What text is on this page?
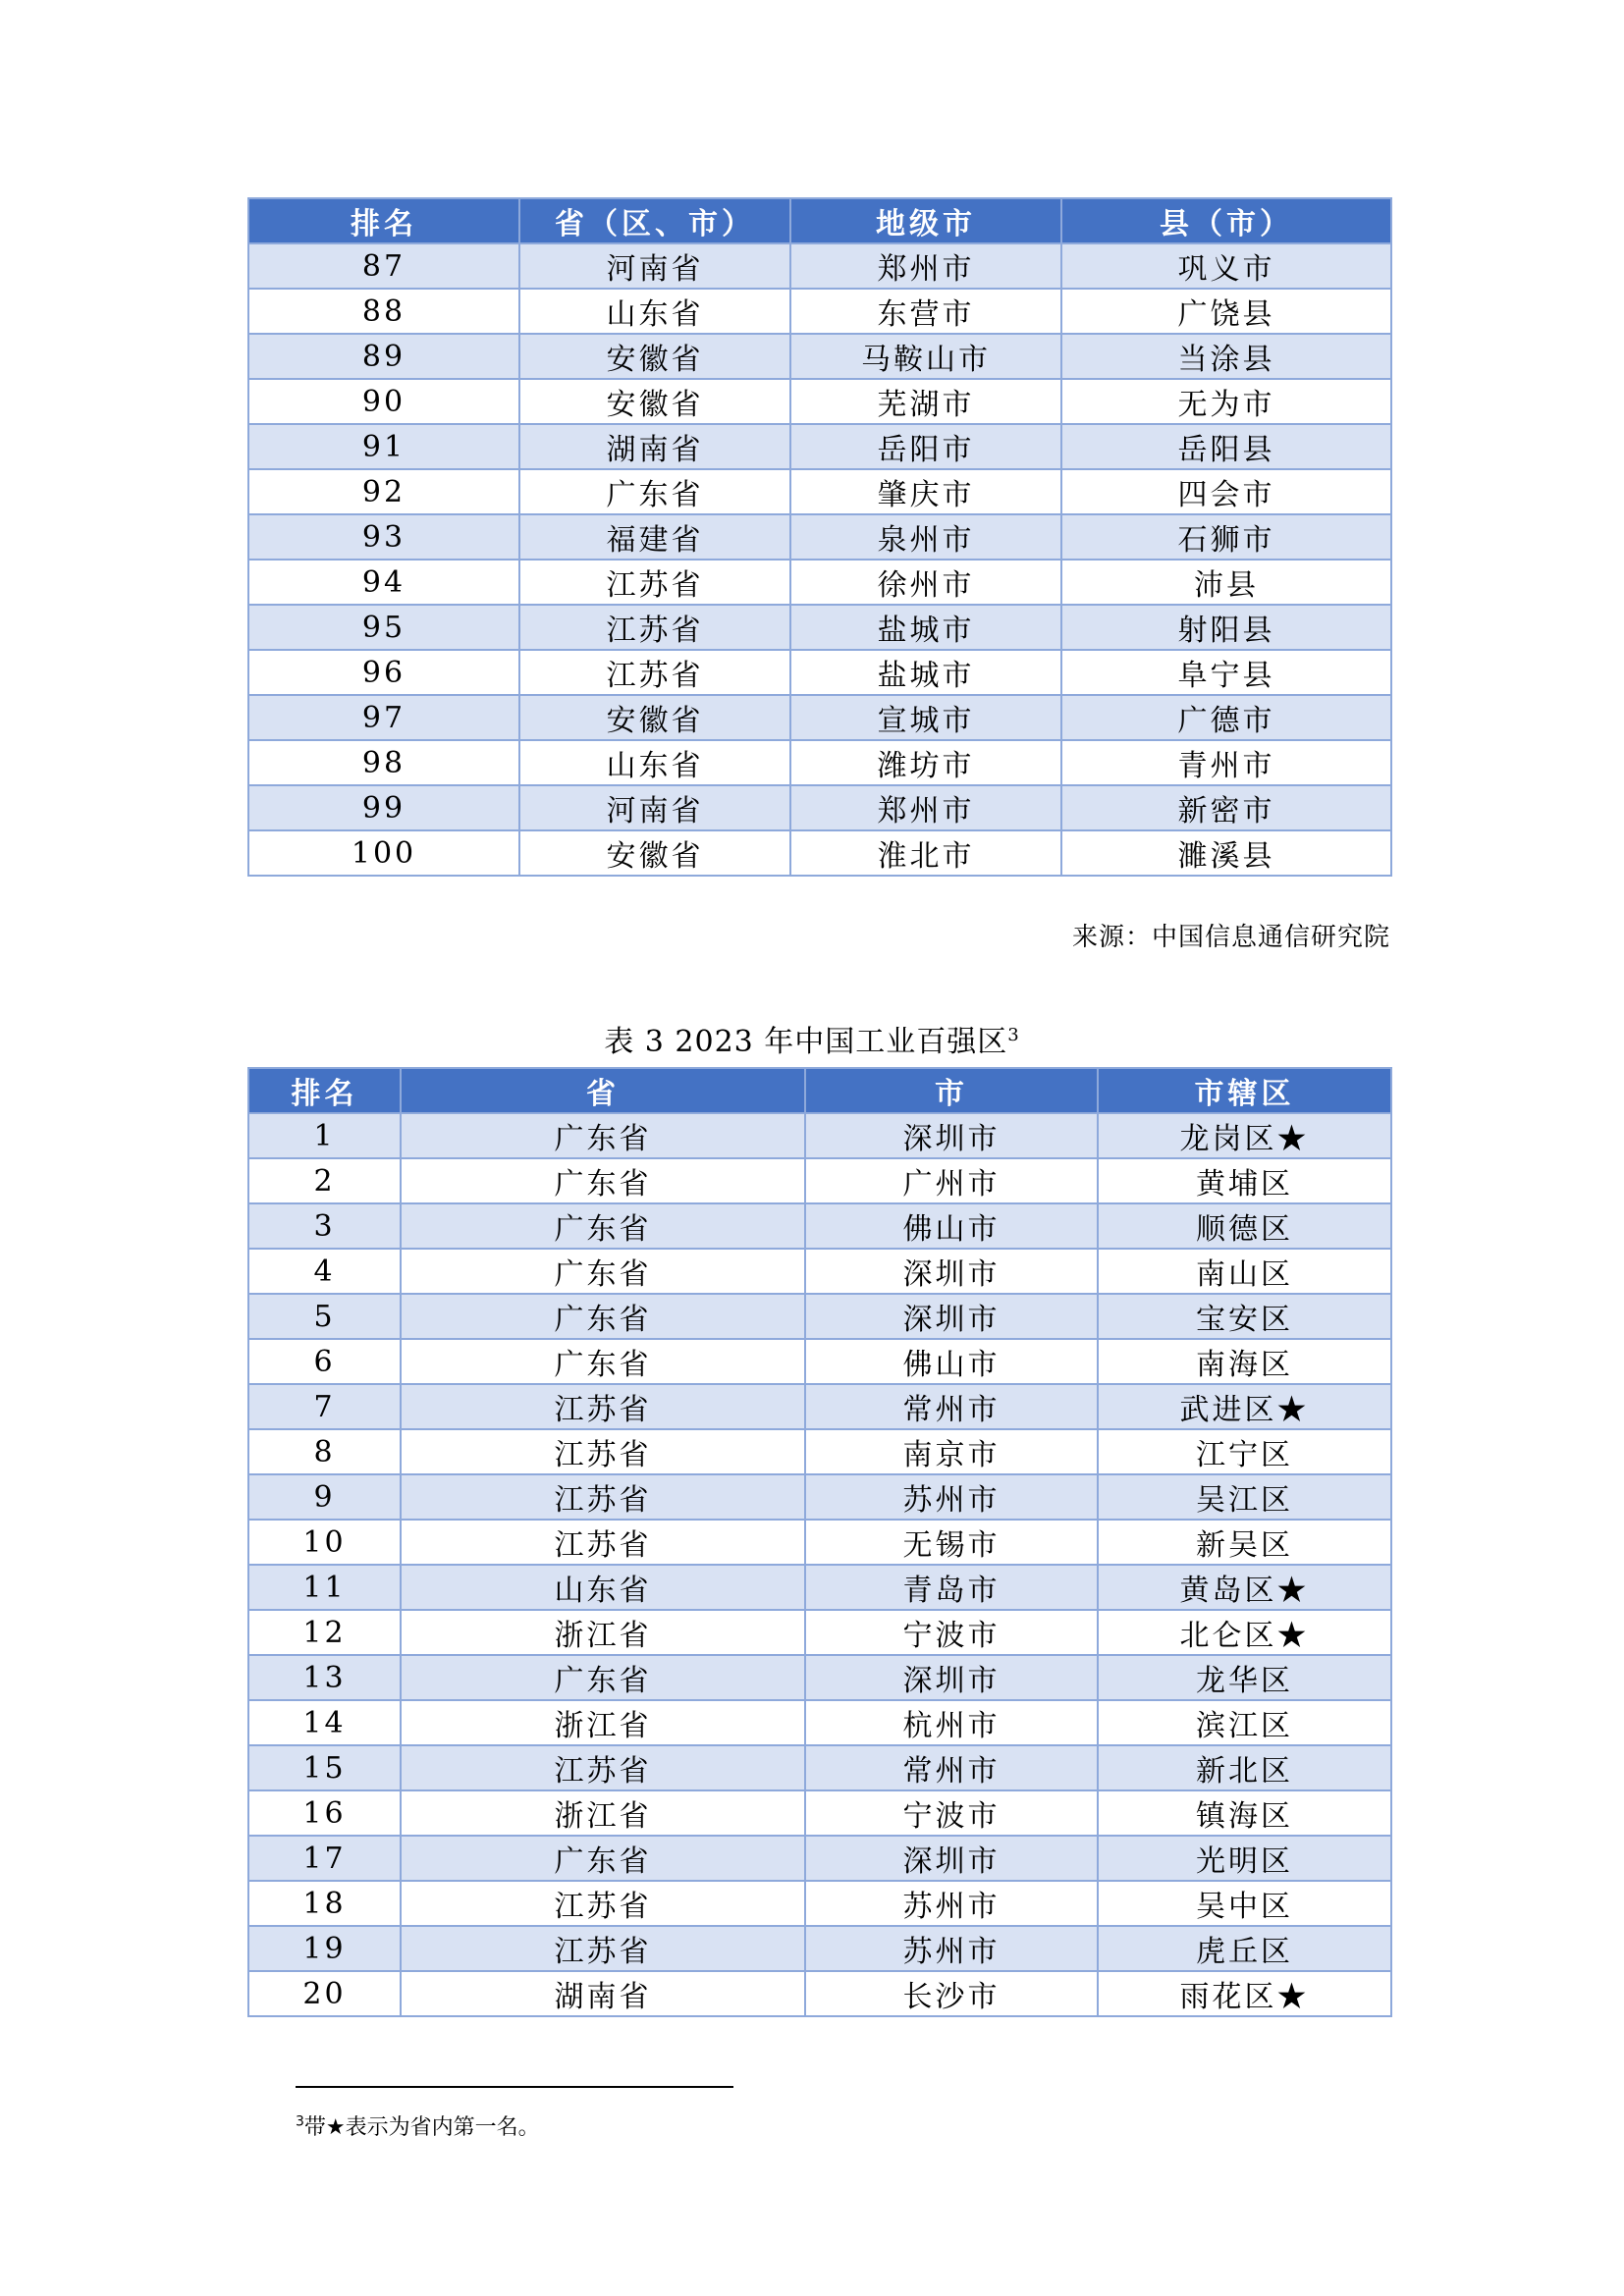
排名	省（区、市）	地级市	县（市）
87	河南省	郑州市	巩义市
88	山东省	东营市	广饶县
89	安徽省	马鞍山市	当涂县
90	安徽省	芜湖市	无为市
91	湖南省	岳阳市	岳阳县
92	广东省	肇庆市	四会市
93	福建省	泉州市	石狮市
94	江苏省	徐州市	沛县
95	江苏省	盐城市	射阳县
96	江苏省	盐城市	阜宁县
97	安徽省	宣城市	广德市
98	山东省	潍坊市	青州市
99	河南省	郑州市	新密市
100	安徽省	淮北市	濉溪县
来源：中国信息通信研究院
表 3 2023 年中国工业百强区$^3$
排名	省	市	市辖区
1	广东省	深圳市	龙岗区★
2	广东省	广州市	黄埔区
3	广东省	佛山市	顺德区
4	广东省	深圳市	南山区
5	广东省	深圳市	宝安区
6	广东省	佛山市	南海区
7	江苏省	常州市	武进区★
8	江苏省	南京市	江宁区
9	江苏省	苏州市	吴江区
10	江苏省	无锡市	新吴区
11	山东省	青岛市	黄岛区★
12	浙江省	宁波市	北仑区★
13	广东省	深圳市	龙华区
14	浙江省	杭州市	滨江区
15	江苏省	常州市	新北区
16	浙江省	宁波市	镇海区
17	广东省	深圳市	光明区
18	江苏省	苏州市	吴中区
19	江苏省	苏州市	虎丘区
20	湖南省	长沙市	雨花区★
$^3$带★表示为省内第一名。
